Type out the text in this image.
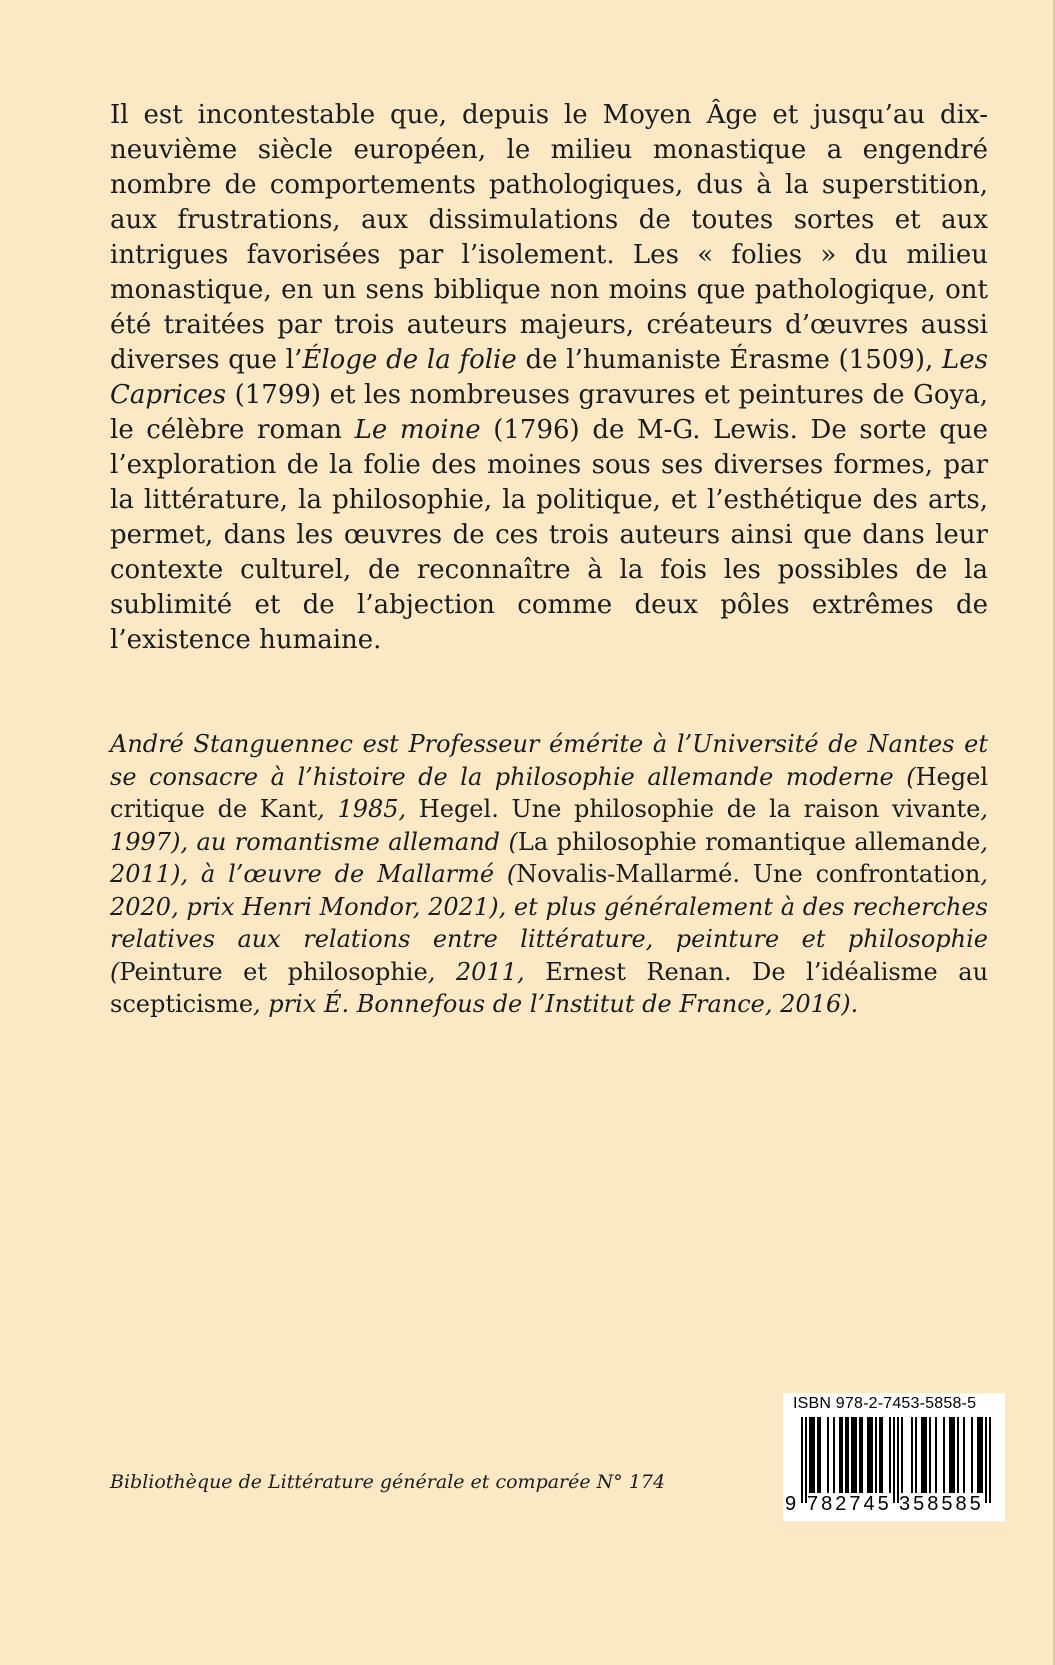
Il est incontestable que, depuis le Moyen Âge et jusqu’au dix-neuvième siècle européen, le milieu monastique a engendré nombre de comportements pathologiques, dus à la superstition, aux frustrations, aux dissimulations de toutes sortes et aux intrigues favorisées par l’isolement. Les « folies » du milieu monastique, en un sens biblique non moins que pathologique, ont été traitées par trois auteurs majeurs, créateurs d’œuvres aussi diverses que l’Éloge de la folie de l’humaniste Érasme (1509), Les Caprices (1799) et les nombreuses gravures et peintures de Goya, le célèbre roman Le moine (1796) de M-G. Lewis. De sorte que l’exploration de la folie des moines sous ses diverses formes, par la littérature, la philosophie, la politique, et l’esthétique des arts, permet, dans les œuvres de ces trois auteurs ainsi que dans leur contexte culturel, de reconnaître à la fois les possibles de la sublimité et de l’abjection comme deux pôles extrêmes de l’existence humaine.

André Stanguennec est Professeur émérite à l’Université de Nantes et se consacre à l’histoire de la philosophie allemande moderne (Hegel critique de Kant, 1985, Hegel. Une philosophie de la raison vivante, 1997), au romantisme allemand (La philosophie romantique allemande, 2011), à l’œuvre de Mallarmé (Novalis-Mallarmé. Une confrontation, 2020, prix Henri Mondor, 2021), et plus généralement à des recherches relatives aux relations entre littérature, peinture et philosophie (Peinture et philosophie, 2011, Ernest Renan. De l’idéalisme au scepticisme, prix É. Bonnefous de l’Institut de France, 2016).

Bibliothèque de Littérature générale et comparée N° 174

ISBN 978-2-7453-5858-5
9 782745 358585
